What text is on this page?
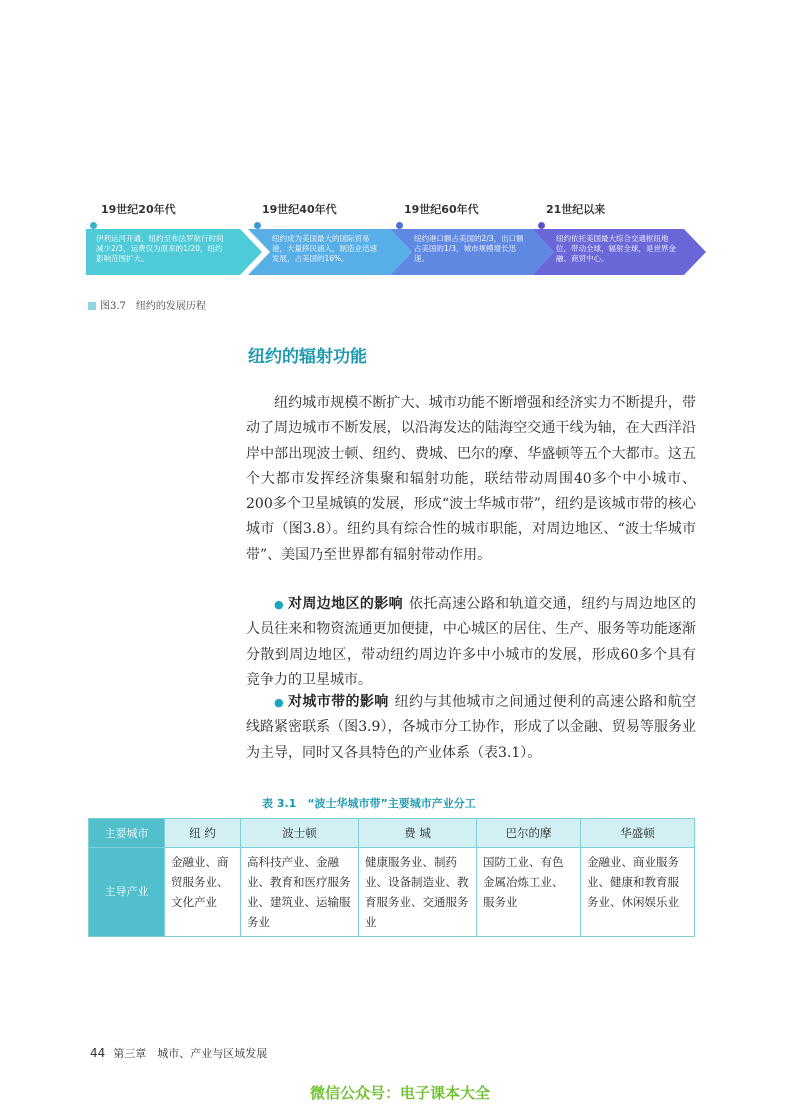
19世纪20年代	19世纪40年代	19世纪60年代	21世纪以来
伊利运河开通，纽约至布法罗航行时间减少2/3，运费仅为原来的1/20，纽约影响范围扩大。
纽约成为美国最大的国际贸易港，大量移民涌入，制造业迅速发展，占美国的16%。
纽约港口额占美国的2/3，出口额占美国的1/3，城市规模增长迅速。
纽约依托美国最大综合交通枢纽地位，带动全球，辐射全球，是世界金融、商贸中心。
图3.7　纽约的发展历程
纽约的辐射功能

纽约城市规模不断扩大、城市功能不断增强和经济实力不断提升，带动了周边城市不断发展，以沿海发达的陆海空交通干线为轴，在大西洋沿岸中部出现波士顿、纽约、费城、巴尔的摩、华盛顿等五个大都市。这五个大都市发挥经济集聚和辐射功能，联结带动周围40多个中小城市、200多个卫星城镇的发展，形成“波士华城市带”，纽约是该城市带的核心城市（图3.8）。纽约具有综合性的城市职能，对周边地区、“波士华城市带”、美国乃至世界都有辐射带动作用。

● 对周边地区的影响 依托高速公路和轨道交通，纽约与周边地区的人员往来和物资流通更加便捷，中心城区的居住、生产、服务等功能逐渐分散到周边地区，带动纽约周边许多中小城市的发展，形成60多个具有竞争力的卫星城市。

● 对城市带的影响 纽约与其他城市之间通过便利的高速公路和航空线路紧密联系（图3.9），各城市分工协作，形成了以金融、贸易等服务业为主导，同时又各具特色的产业体系（表3.1）。

表 3.1　“波士华城市带”主要城市产业分工
主要城市	纽 约	波士顿	费 城	巴尔的摩	华盛顿
主导产业	金融业、商贸服务业、文化产业	高科技产业、金融业、教育和医疗服务业、建筑业、运输服务业	健康服务业、制药业、设备制造业、教育服务业、交通服务业	国防工业、有色金属冶炼工业、服务业	金融业、商业服务业、健康和教育服务业、休闲娱乐业
44 第三章　城市、产业与区域发展
微信公众号：电子课本大全
